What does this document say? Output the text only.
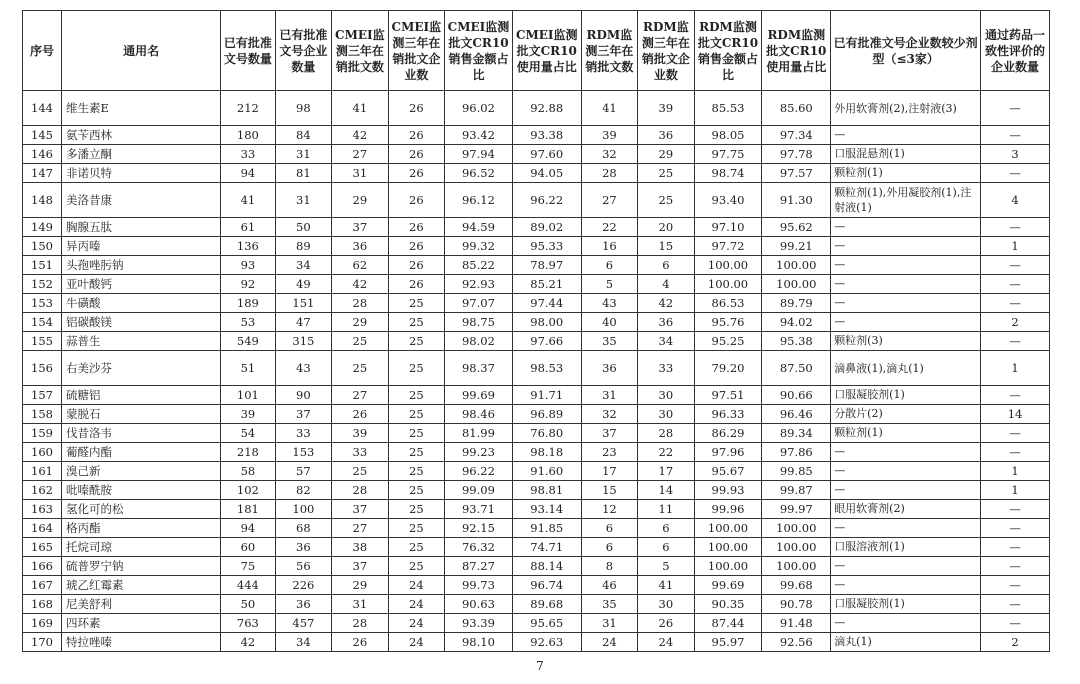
序号	通用名	已有批准文号数量	已有批准文号企业数量	CMEI监测三年在销批文数	CMEI监测三年在销批文企业数	CMEI监测批文CR10销售金额占比	CMEI监测批文CR10使用量占比	RDM监测三年在销批文数	RDM监测三年在销批文企业数	RDM监测批文CR10销售金额占比	RDM监测批文CR10使用量占比	已有批准文号企业数较少剂型（≤3家）	通过药品一致性评价的企业数量
144	维生素E	212	98	41	26	96.02	92.88	41	39	85.53	85.60	外用软膏剂(2),注射液(3)	—
145	氨苄西林	180	84	42	26	93.42	93.38	39	36	98.05	97.34	—	—
146	多潘立酮	33	31	27	26	97.94	97.60	32	29	97.75	97.78	口服混悬剂(1)	3
147	非诺贝特	94	81	31	26	96.52	94.05	28	25	98.74	97.57	颗粒剂(1)	—
148	美洛昔康	41	31	29	26	96.12	96.22	27	25	93.40	91.30	颗粒剂(1),外用凝胶剂(1),注射液(1)	4
149	胸腺五肽	61	50	37	26	94.59	89.02	22	20	97.10	95.62	—	—
150	异丙嗪	136	89	36	26	99.32	95.33	16	15	97.72	99.21	—	1
151	头孢唑肟钠	93	34	62	26	85.22	78.97	6	6	100.00	100.00	—	—
152	亚叶酸钙	92	49	42	26	92.93	85.21	5	4	100.00	100.00	—	—
153	牛磺酸	189	151	28	25	97.07	97.44	43	42	86.53	89.79	—	—
154	铝碳酸镁	53	47	29	25	98.75	98.00	40	36	95.76	94.02	—	2
155	蒜普生	549	315	25	25	98.02	97.66	35	34	95.25	95.38	颗粒剂(3)	—
156	右美沙芬	51	43	25	25	98.37	98.53	36	33	79.20	87.50	滴鼻液(1),滴丸(1)	1
157	硫糖铝	101	90	27	25	99.69	91.71	31	30	97.51	90.66	口服凝胶剂(1)	—
158	蒙脱石	39	37	26	25	98.46	96.89	32	30	96.33	96.46	分散片(2)	14
159	伐昔洛韦	54	33	39	25	81.99	76.80	37	28	86.29	89.34	颗粒剂(1)	—
160	葡醛内酯	218	153	33	25	99.23	98.18	23	22	97.96	97.86	—	—
161	溴己新	58	57	25	25	96.22	91.60	17	17	95.67	99.85	—	1
162	吡嗪酰胺	102	82	28	25	99.09	98.81	15	14	99.93	99.87	—	1
163	氢化可的松	181	100	37	25	93.71	93.14	12	11	99.96	99.97	眼用软膏剂(2)	—
164	格丙酯	94	68	27	25	92.15	91.85	6	6	100.00	100.00	—	—
165	托烷司琼	60	36	38	25	76.32	74.71	6	6	100.00	100.00	口服溶液剂(1)	—
166	硫普罗宁钠	75	56	37	25	87.27	88.14	8	5	100.00	100.00	—	—
167	琥乙红霉素	444	226	29	24	99.73	96.74	46	41	99.69	99.68	—	—
168	尼美舒利	50	36	31	24	90.63	89.68	35	30	90.35	90.78	口服凝胶剂(1)	—
169	四环素	763	457	28	24	93.39	95.65	31	26	87.44	91.48	—	—
170	特拉唑嗪	42	34	26	24	98.10	92.63	24	24	95.97	92.56	滴丸(1)	2
7
